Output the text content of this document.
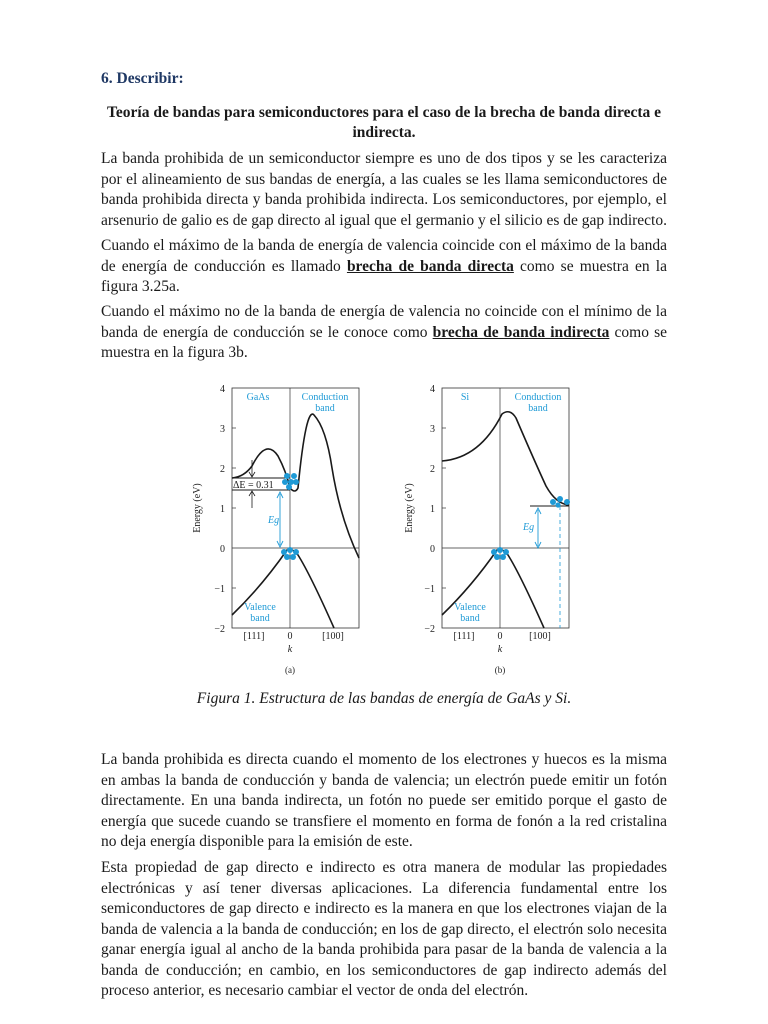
6. Describir:

Teoría de bandas para semiconductores para el caso de la brecha de banda directa e indirecta.

La banda prohibida de un semiconductor siempre es uno de dos tipos y se les caracteriza por el alineamiento de sus bandas de energía, a las cuales se les llama semiconductores de banda prohibida directa y banda prohibida indirecta. Los semiconductores, por ejemplo, el arsenurio de galio es de gap directo al igual que el germanio y el silicio es de gap indirecto.

Cuando el máximo de la banda de energía de valencia coincide con el máximo de la banda de energía de conducción es llamado brecha de banda directa como se muestra en la figura 3.25a.

Cuando el máximo no de la banda de energía de valencia no coincide con el mínimo de la banda de energía de conducción se le conoce como brecha de banda indirecta como se muestra en la figura 3b.

4
3
2
1
0
−1
−2
Energy (eV)	ΔE = 0.31
Eg
GaAs	Conduction
band
Valence
band
[111] 0	[100]
k
(a)
4
3
2
1
0
−1
−2
Energy (eV)	Eg
Si	Conduction
band
Valence
band
[111] 0	[100]
k
(b)

Figura 1. Estructura de las bandas de energía de GaAs y Si.

La banda prohibida es directa cuando el momento de los electrones y huecos es la misma en ambas la banda de conducción y banda de valencia; un electrón puede emitir un fotón directamente. En una banda indirecta, un fotón no puede ser emitido porque el gasto de energía que sucede cuando se transfiere el momento en forma de fonón a la red cristalina no deja energía disponible para la emisión de este.

Esta propiedad de gap directo e indirecto es otra manera de modular las propiedades electrónicas y así tener diversas aplicaciones. La diferencia fundamental entre los semiconductores de gap directo e indirecto es la manera en que los electrones viajan de la banda de valencia a la banda de conducción; en los de gap directo, el electrón solo necesita ganar energía igual al ancho de la banda prohibida para pasar de la banda de valencia a la banda de conducción; en cambio, en los semiconductores de gap indirecto además del proceso anterior, es necesario cambiar el vector de onda del electrón.
